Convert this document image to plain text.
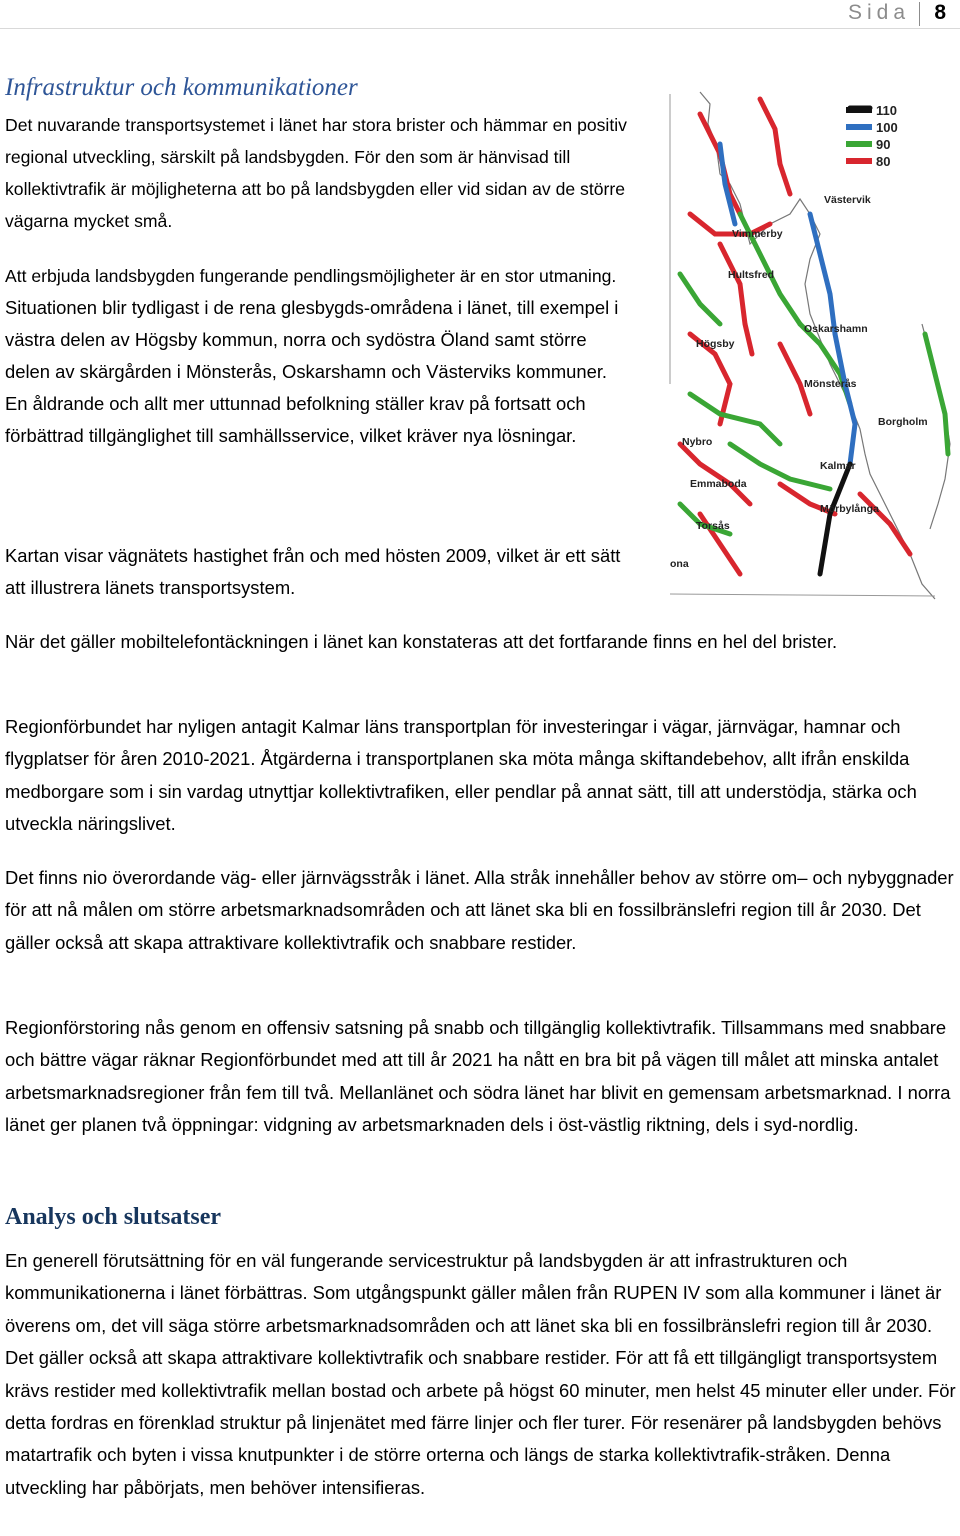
Sida 8
Infrastruktur och kommunikationer
Det nuvarande transportsystemet i länet har stora brister och hämmar en positiv regional utveckling, särskilt på landsbygden. För den som är hänvisad till kollektivtrafik är möjligheterna att bo på landsbygden eller vid sidan av de större vägarna mycket små.
Att erbjuda landsbygden fungerande pendlingsmöjligheter är en stor utmaning. Situationen blir tydligast i de rena glesbygds-områdena i länet, till exempel i västra delen av Högsby kommun, norra och sydöstra Öland samt större delen av skärgården i Mönsterås, Oskarshamn och Västerviks kommuner. En åldrande och allt mer uttunnad befolkning ställer krav på fortsatt och förbättrad tillgänglighet till samhällsservice, vilket kräver nya lösningar.
Kartan visar vägnätets hastighet från och med hösten 2009, vilket är ett sätt att illustrera länets transportsystem.
När det gäller mobiltelefontäckningen i länet kan konstateras att det fortfarande finns en hel del brister.
Regionförbundet har nyligen antagit Kalmar läns transportplan för investeringar i vägar, järnvägar, hamnar och flygplatser för åren 2010-2021. Åtgärderna i transportplanen ska möta många skiftandebehov, allt ifrån enskilda medborgare som i sin vardag utnyttjar kollektivtrafiken, eller pendlar på annat sätt, till att understödja, stärka och utveckla näringslivet.
Det finns nio överordande väg- eller järnvägsstråk i länet. Alla stråk innehåller behov av större om– och nybyggnader för att nå målen om större arbetsmarknadsområden och att länet ska bli en fossilbränslefri region till år 2030. Det gäller också att skapa attraktivare kollektivtrafik och snabbare restider.
Regionförstoring nås genom en offensiv satsning på snabb och tillgänglig kollektivtrafik. Tillsammans med snabbare och bättre vägar räknar Regionförbundet med att till år 2021 ha nått en bra bit på vägen till målet att minska antalet arbetsmarknadsregioner från fem till två. Mellanlänet och södra länet har blivit en gemensam arbetsmarknad. I norra länet ger planen två öppningar: vidgning av arbetsmarknaden dels i öst-västlig riktning, dels i syd-nordlig.
Analys och slutsatser
En generell förutsättning för en väl fungerande servicestruktur på landsbygden är att infrastrukturen och kommunikationerna i länet förbättras. Som utgångspunkt gäller målen från RUPEN IV som alla kommuner i länet är överens om, det vill säga större arbetsmarknadsområden och att länet ska bli en fossilbränslefri region till år 2030. Det gäller också att skapa attraktivare kollektivtrafik och snabbare restider. För att få ett tillgängligt transportsystem krävs restider med kollektivtrafik mellan bostad och arbete på högst 60 minuter, men helst 45 minuter eller under. För detta fordras en förenklad struktur på linjenätet med färre linjer och fler turer. För resenärer på landsbygden behövs matartrafik och byten i vissa knutpunkter i de större orterna och längs de starka kollektivtrafik-stråken. Denna utveckling har påbörjats, men behöver intensifieras.
110
100
90
80
Västervik
Vimmerby
Hultsfred
Oskarshamn
Högsby
Mönsterås
Borgholm
Nybro
Kalmar
Emmaboda
Mörbylånga
Torsås
ona
